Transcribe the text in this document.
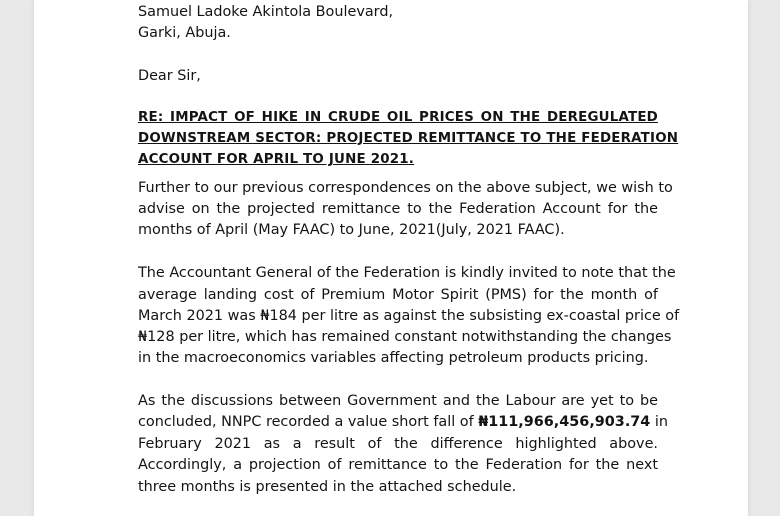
Samuel Ladoke Akintola Boulevard,
Garki, Abuja.
Dear Sir,
RE: IMPACT OF HIKE IN CRUDE OIL PRICES ON THE DEREGULATED
DOWNSTREAM SECTOR: PROJECTED REMITTANCE TO THE FEDERATION
ACCOUNT FOR APRIL TO JUNE 2021.
Further to our previous correspondences on the above subject, we wish to
advise on the projected remittance to the Federation Account for the
months of April (May FAAC) to June, 2021(July, 2021 FAAC).
The Accountant General of the Federation is kindly invited to note that the
average landing cost of Premium Motor Spirit (PMS) for the month of
March 2021 was ₦184 per litre as against the subsisting ex-coastal price of
₦128 per litre, which has remained constant notwithstanding the changes
in the macroeconomics variables affecting petroleum products pricing.
As the discussions between Government and the Labour are yet to be
concluded, NNPC recorded a value short fall of ₦111,966,456,903.74 in
February 2021 as a result of the difference highlighted above.
Accordingly, a projection of remittance to the Federation for the next
three months is presented in the attached schedule.
